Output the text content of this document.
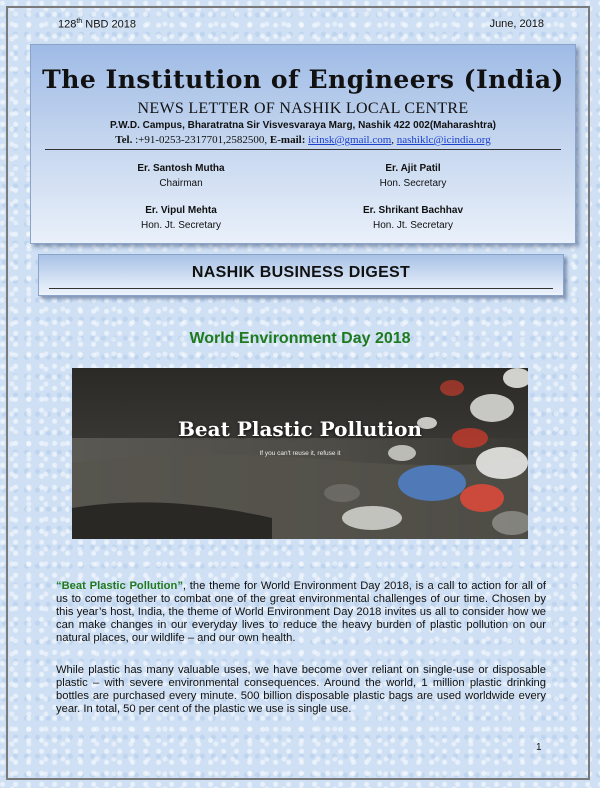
128th NBD 2018	June, 2018
The Institution of Engineers (India)
NEWS LETTER OF NASHIK LOCAL CENTRE
P.W.D. Campus, Bharatratna Sir Visvesvaraya Marg, Nashik 422 002(Maharashtra)
Tel. :+91-0253-2317701,2582500, E-mail: icinsk@gmail.com, nashiklc@icindia.org
Er. Santosh Mutha
Chairman
Er. Ajit Patil
Hon. Secretary
Er. Vipul Mehta
Hon. Jt. Secretary
Er. Shrikant Bachhav
Hon. Jt. Secretary
NASHIK BUSINESS DIGEST
World Environment Day 2018
Beat Plastic Pollution
If you can't reuse it, refuse it
“Beat Plastic Pollution”, the theme for World Environment Day 2018, is a call to action for all of us to come together to combat one of the great environmental challenges of our time. Chosen by this year’s host, India, the theme of World Environment Day 2018 invites us all to consider how we can make changes in our everyday lives to reduce the heavy burden of plastic pollution on our natural places, our wildlife – and our own health.
While plastic has many valuable uses, we have become over reliant on single-use or disposable plastic – with severe environmental consequences. Around the world, 1 million plastic drinking bottles are purchased every minute. 500 billion disposable plastic bags are used worldwide every year. In total, 50 per cent of the plastic we use is single use.
1
